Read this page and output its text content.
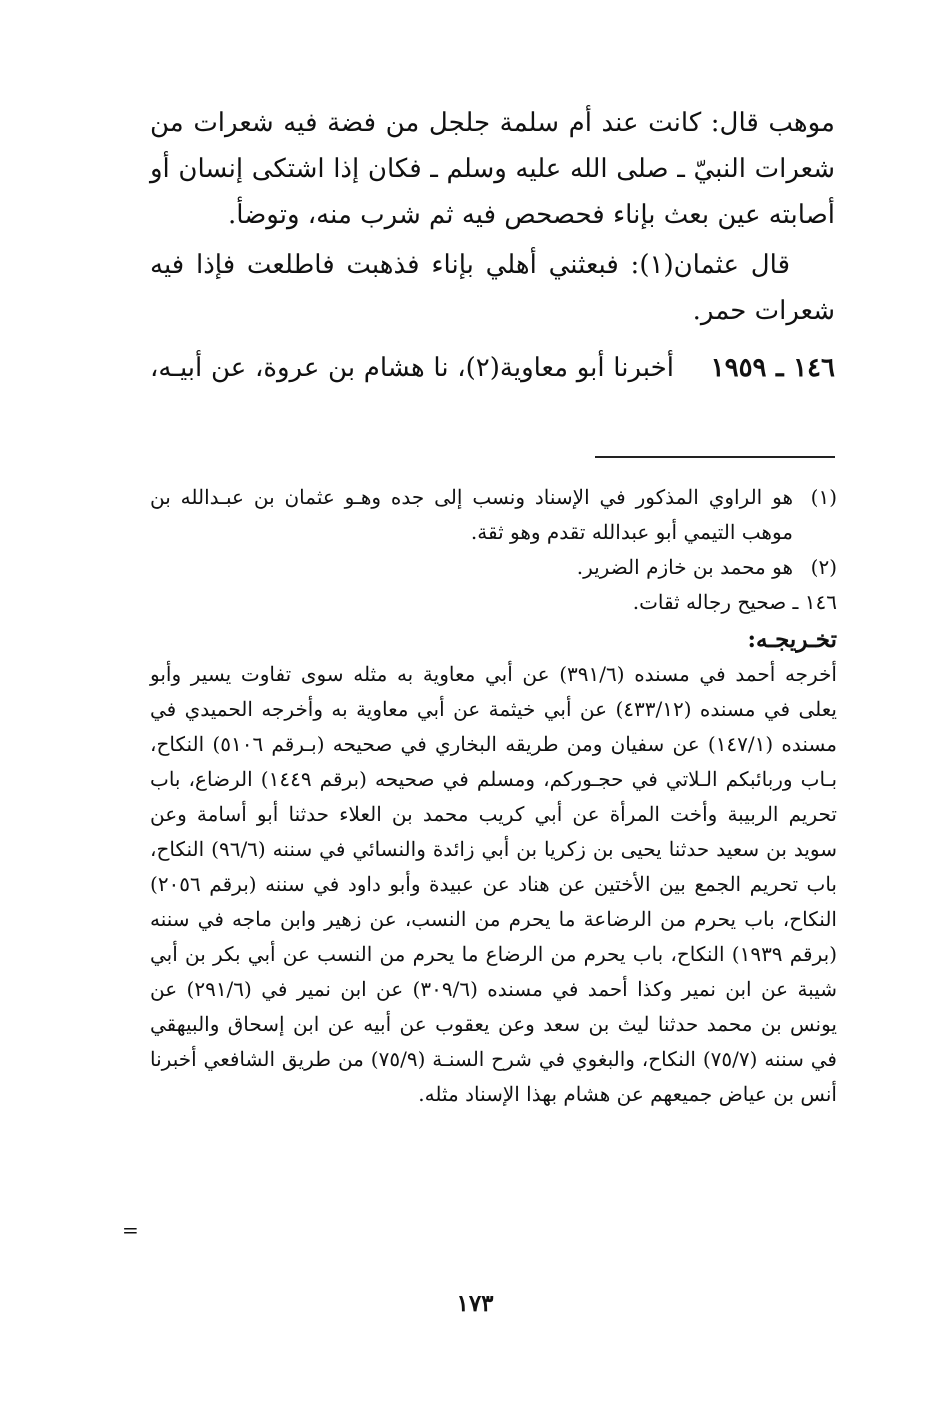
موهب قال: كانت عند أم سلمة جلجل من فضة فيه شعرات من شعرات النبيّ ـ صلى الله عليه وسلم ـ فكان إذا اشتكى إنسان أو أصابته عين بعث بإناء فحصحص فيه ثم شرب منه، وتوضأ.

قال عثمان(١): فبعثني أهلي بإناء فذهبت فاطلعت فإذا فيه شعرات حمر.

١٤٦ ـ ١٩٥٩ أخبرنا أبو معاوية(٢)، نا هشام بن عروة، عن أبيـه،
(١)
هو الراوي المذكور في الإسناد ونسب إلى جده وهـو عثمان بن عبـدالله بن موهب التيمي أبو عبدالله تقدم وهو ثقة.
(٢)
هو محمد بن خازم الضرير.

١٤٦ ـ صحيح رجاله ثقات.

تخـريجـه:

أخرجه أحمد في مسنده (٣٩١/٦) عن أبي معاوية به مثله سوى تفاوت يسير وأبو يعلى في مسنده (٤٣٣/١٢) عن أبي خيثمة عن أبي معاوية به وأخرجه الحميدي في مسنده (١٤٧/١) عن سفيان ومن طريقه البخاري في صحيحه (بـرقم ٥١٠٦) النكاح، بـاب وربائبكم الـلاتي في حجـوركم، ومسلم في صحيحه (برقم ١٤٤٩) الرضاع، باب تحريم الربيبة وأخت المرأة عن أبي كريب محمد بن العلاء حدثنا أبو أسامة وعن سويد بن سعيد حدثنا يحيى بن زكريا بن أبي زائدة والنسائي في سننه (٩٦/٦) النكاح، باب تحريم الجمع بين الأختين عن هناد عن عبيدة وأبو داود في سننه (برقم ٢٠٥٦) النكاح، باب يحرم من الرضاعة ما يحرم من النسب، عن زهير وابن ماجه في سننه (برقم ١٩٣٩) النكاح، باب يحرم من الرضاع ما يحرم من النسب عن أبي بكر بن أبي شيبة عن ابن نمير وكذا أحمد في مسنده (٣٠٩/٦) عن ابن نمير في (٢٩١/٦) عن يونس بن محمد حدثنا ليث بن سعد وعن يعقوب عن أبيه عن ابن إسحاق والبيهقي في سننه (٧٥/٧) النكاح، والبغوي في شرح السنـة (٧٥/٩) من طريق الشافعي أخبرنا أنس بن عياض جميعهم عن هشام بهذا الإسناد مثله.

=
١٧٣
